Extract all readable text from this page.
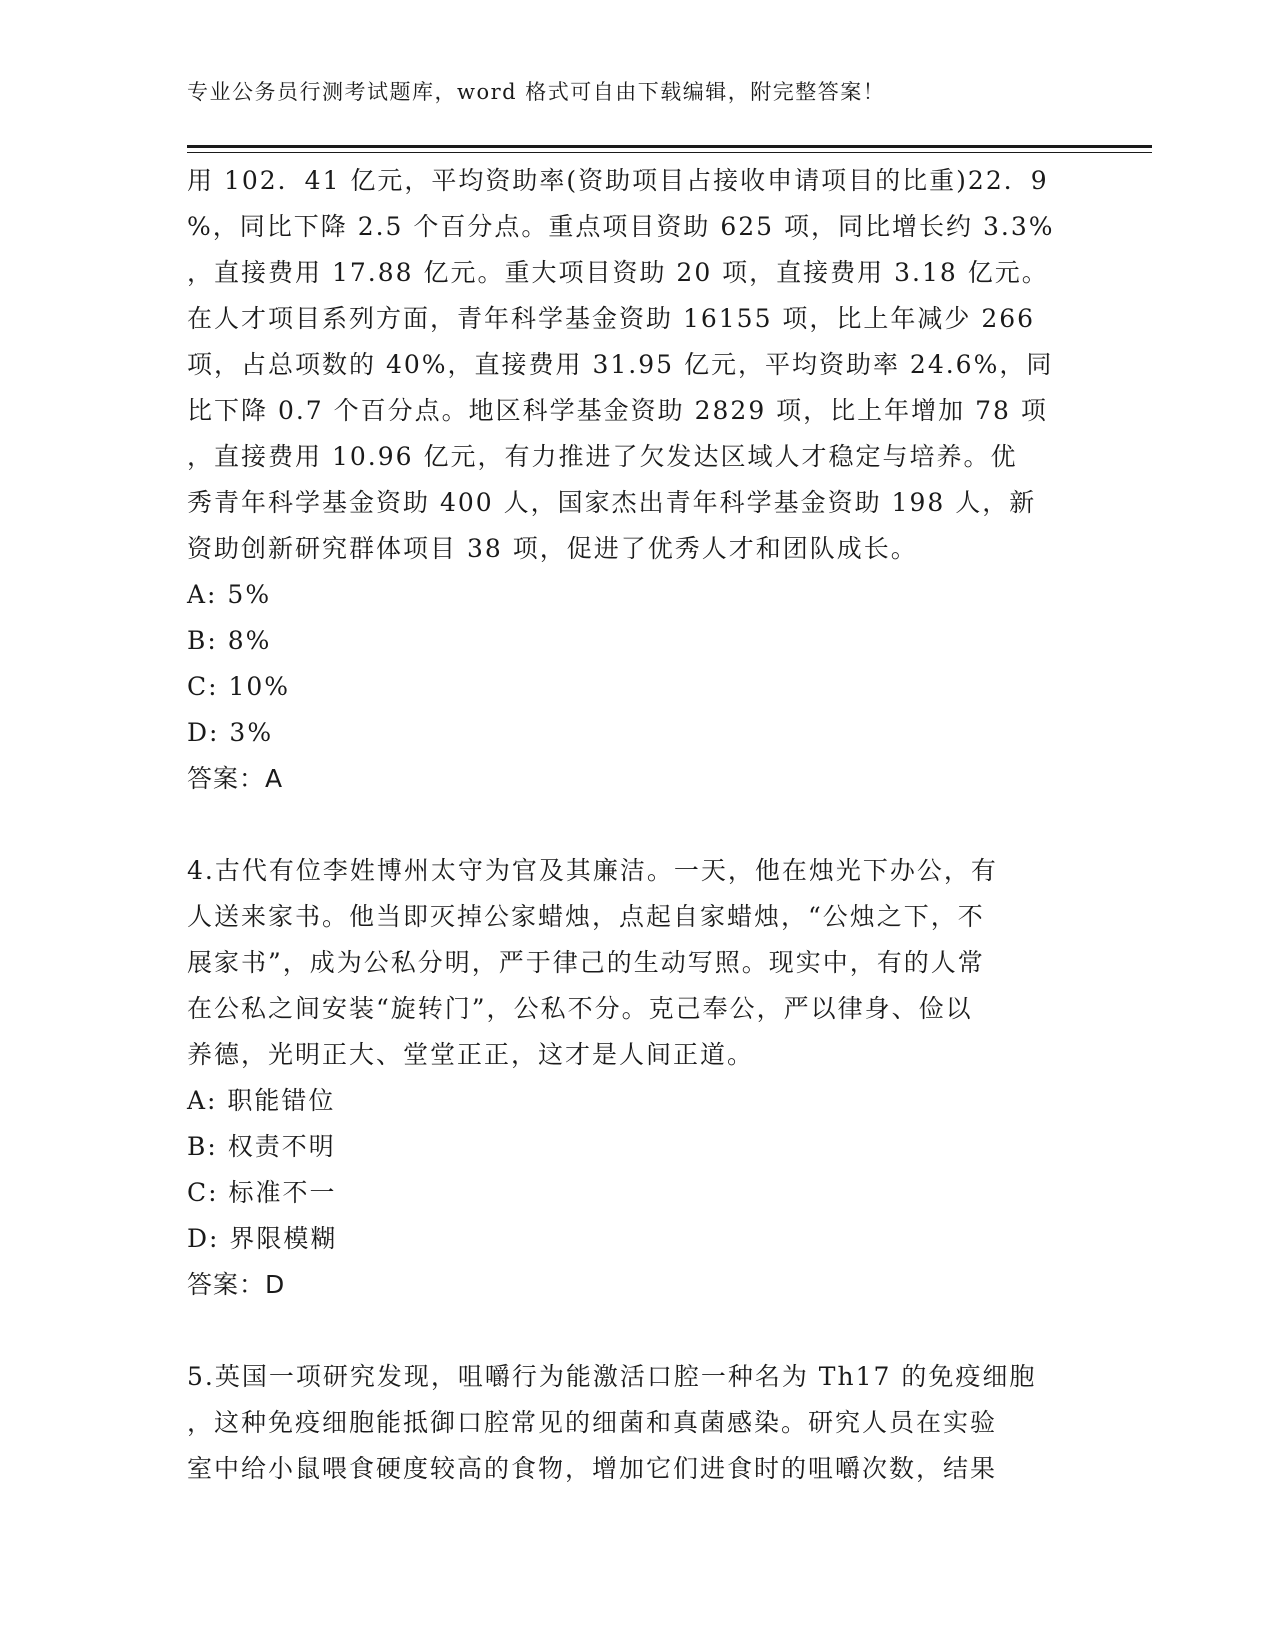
专业公务员行测考试题库，word 格式可自由下载编辑，附完整答案！
用 102．41 亿元，平均资助率(资助项目占接收申请项目的比重)22．9
%，同比下降 2.5 个百分点。重点项目资助 625 项，同比增长约 3.3%
，直接费用 17.88 亿元。重大项目资助 20 项，直接费用 3.18 亿元。
在人才项目系列方面，青年科学基金资助 16155 项，比上年减少 266
项，占总项数的 40%，直接费用 31.95 亿元，平均资助率 24.6%，同
比下降 0.7 个百分点。地区科学基金资助 2829 项，比上年增加 78 项
，直接费用 10.96 亿元，有力推进了欠发达区域人才稳定与培养。优
秀青年科学基金资助 400 人，国家杰出青年科学基金资助 198 人，新
资助创新研究群体项目 38 项，促进了优秀人才和团队成长。
A: 5%
B: 8%
C: 10%
D: 3%
答案：A
4.古代有位李姓博州太守为官及其廉洁。一天，他在烛光下办公，有
人送来家书。他当即灭掉公家蜡烛，点起自家蜡烛，“公烛之下，不
展家书”，成为公私分明，严于律己的生动写照。现实中，有的人常
在公私之间安装“旋转门”，公私不分。克己奉公，严以律身、俭以
养德，光明正大、堂堂正正，这才是人间正道。
A: 职能错位
B: 权责不明
C: 标准不一
D: 界限模糊
答案：D
5.英国一项研究发现，咀嚼行为能激活口腔一种名为 Th17 的免疫细胞
，这种免疫细胞能抵御口腔常见的细菌和真菌感染。研究人员在实验
室中给小鼠喂食硬度较高的食物，增加它们进食时的咀嚼次数，结果
